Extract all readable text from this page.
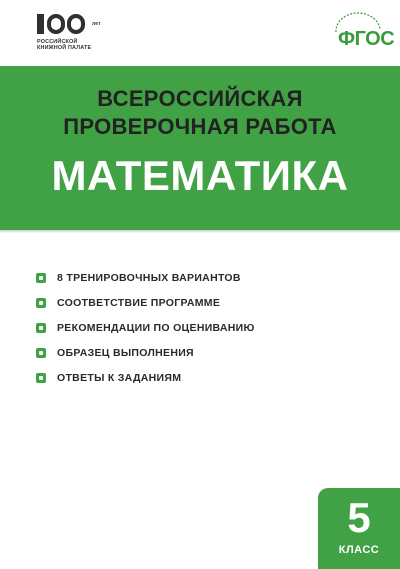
лет
РОССИЙСКОЙ
КНИЖНОЙ ПАЛАТЕ	ФГОС
ВСЕРОССИЙСКАЯ
ПРОВЕРОЧНАЯ РАБОТА
МАТЕМАТИКА
8 ТРЕНИРОВОЧНЫХ ВАРИАНТОВ
СООТВЕТСТВИЕ ПРОГРАММЕ
РЕКОМЕНДАЦИИ ПО ОЦЕНИВАНИЮ
ОБРАЗЕЦ ВЫПОЛНЕНИЯ
ОТВЕТЫ К ЗАДАНИЯМ
5
КЛАСС
